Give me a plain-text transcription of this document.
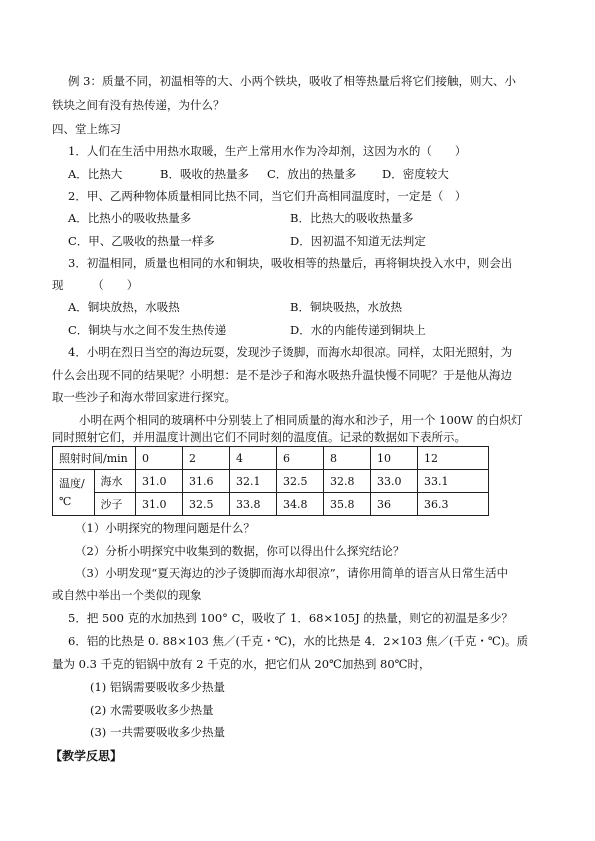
例 3：质量不同，初温相等的大、小两个铁块，吸收了相等热量后将它们接触，则大、小
铁块之间有没有热传递，为什么？
四、堂上练习
1．人们在生活中用热水取暖，生产上常用水作为冷却剂，这因为水的（　　）
A．比热大	B．吸收的热量多 C．放出的热量多 D．密度较大
2．甲、乙两种物体质量相同比热不同，当它们升高相同温度时，一定是（　）
A．比热小的吸收热量多	B．比热大的吸收热量多
C．甲、乙吸收的热量一样多	D．因初温不知道无法判定
3．初温相同，质量也相同的水和铜块，吸收相等的热量后，再将铜块投入水中，则会出
现　　　（　　）
A．铜块放热，水吸热	B．铜块吸热，水放热
C．铜块与水之间不发生热传递	D．水的内能传递到铜块上
4．小明在烈日当空的海边玩耍，发现沙子烫脚，而海水却很凉。同样，太阳光照射，为
什么会出现不同的结果呢？小明想：是不是沙子和海水吸热升温快慢不同呢？于是他从海边
取一些沙子和海水带回家进行探究。
小明在两个相同的玻璃杯中分别装上了相同质量的海水和沙子，用一个 100W 的白炽灯
同时照射它们，并用温度计测出它们不同时刻的温度值。记录的数据如下表所示。
照射时间/min		0	2	4	6	8	10	12
温度/
℃	海水	31.0	31.6	32.1	32.5	32.8	33.0	33.1
	沙子	31.0	32.5	33.8	34.8	35.8	36	36.3
（1）小明探究的物理问题是什么？
（2）分析小明探究中收集到的数据，你可以得出什么探究结论？
（3）小明发现“夏天海边的沙子烫脚而海水却很凉”，请你用简单的语言从日常生活中
或自然中举出一个类似的现象
5．把 500 克的水加热到 100° C，吸收了 1．68×105J 的热量，则它的初温是多少？
6．铝的比热是 0. 88×103 焦／(千克・℃)，水的比热是 4．2×103 焦／(千克・℃)。质
量为 0.3 千克的铝锅中放有 2 千克的水，把它们从 20℃加热到 80℃时，
(1) 铝锅需要吸收多少热量
(2) 水需要吸收多少热量
(3) 一共需要吸收多少热量
【教学反思】
